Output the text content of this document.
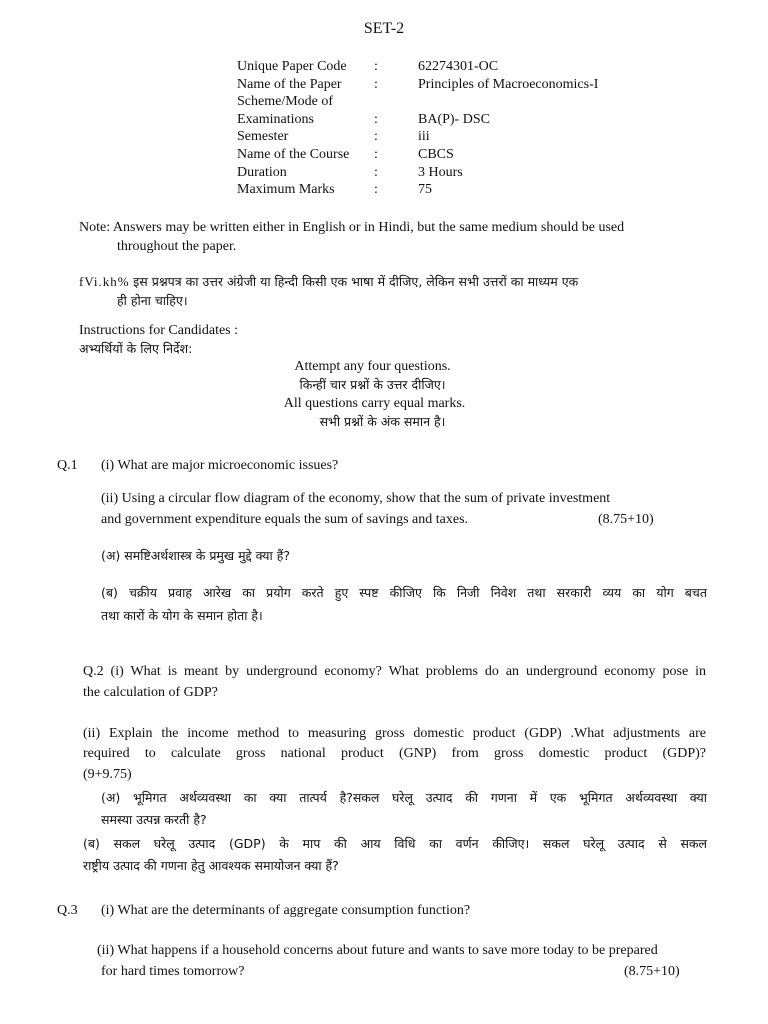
SET-2
Unique Paper Code	:	62274301-OC
Name of the Paper	:	Principles of Macroeconomics-I
Scheme/Mode of
Examinations	:	BA(P)- DSC
Semester	:	iii
Name of the Course	:	CBCS
Duration	:	3 Hours
Maximum Marks	:	75
Note: Answers may be written either in English or in Hindi, but the same medium should be used
throughout the paper.
fVi.kh% इस प्रश्नपत्र का उत्तर अंग्रेजी या हिन्दी किसी एक भाषा में दीजिए, लेकिन सभी उत्तरों का माध्यम एक
ही होना चाहिए।
Instructions for Candidates :
अभ्यर्थियों के लिए निर्देश:
Attempt any four questions.
किन्हीं चार प्रश्नों के उत्तर दीजिए।
All questions carry equal marks.
सभी प्रश्नों के अंक समान है।
Q.1 (i) What are major microeconomic issues?
(ii) Using a circular flow diagram of the economy, show that the sum of private investment
and government expenditure equals the sum of savings and taxes.	(8.75+10)
(अ) समष्टिअर्थशास्त्र के प्रमुख मुद्दे क्या हैं?
(ब) चक्रीय प्रवाह आरेख का प्रयोग करते हुए स्पष्ट कीजिए कि निजी निवेश तथा सरकारी व्यय का योग बचत
तथा कारों के योग के समान होता है।
Q.2 (i) What is meant by underground economy? What problems do an underground economy pose in
the calculation of GDP?
(ii) Explain the income method to measuring gross domestic product (GDP) .What adjustments are
required to calculate gross national product (GNP) from gross domestic product (GDP)?
(9+9.75)
(अ) भूमिगत अर्थव्यवस्था का क्या तात्पर्य है?सकल घरेलू उत्पाद की गणना में एक भूमिगत अर्थव्यवस्था क्या
समस्या उत्पन्न करती है?
(ब) सकल घरेलू उत्पाद (GDP) के माप की आय विधि का वर्णन कीजिए। सकल घरेलू उत्पाद से सकल
राष्ट्रीय उत्पाद की गणना हेतु आवश्यक समायोजन क्या हैं?
Q.3 (i) What are the determinants of aggregate consumption function?
(ii) What happens if a household concerns about future and wants to save more today to be prepared
for hard times tomorrow?	(8.75+10)
